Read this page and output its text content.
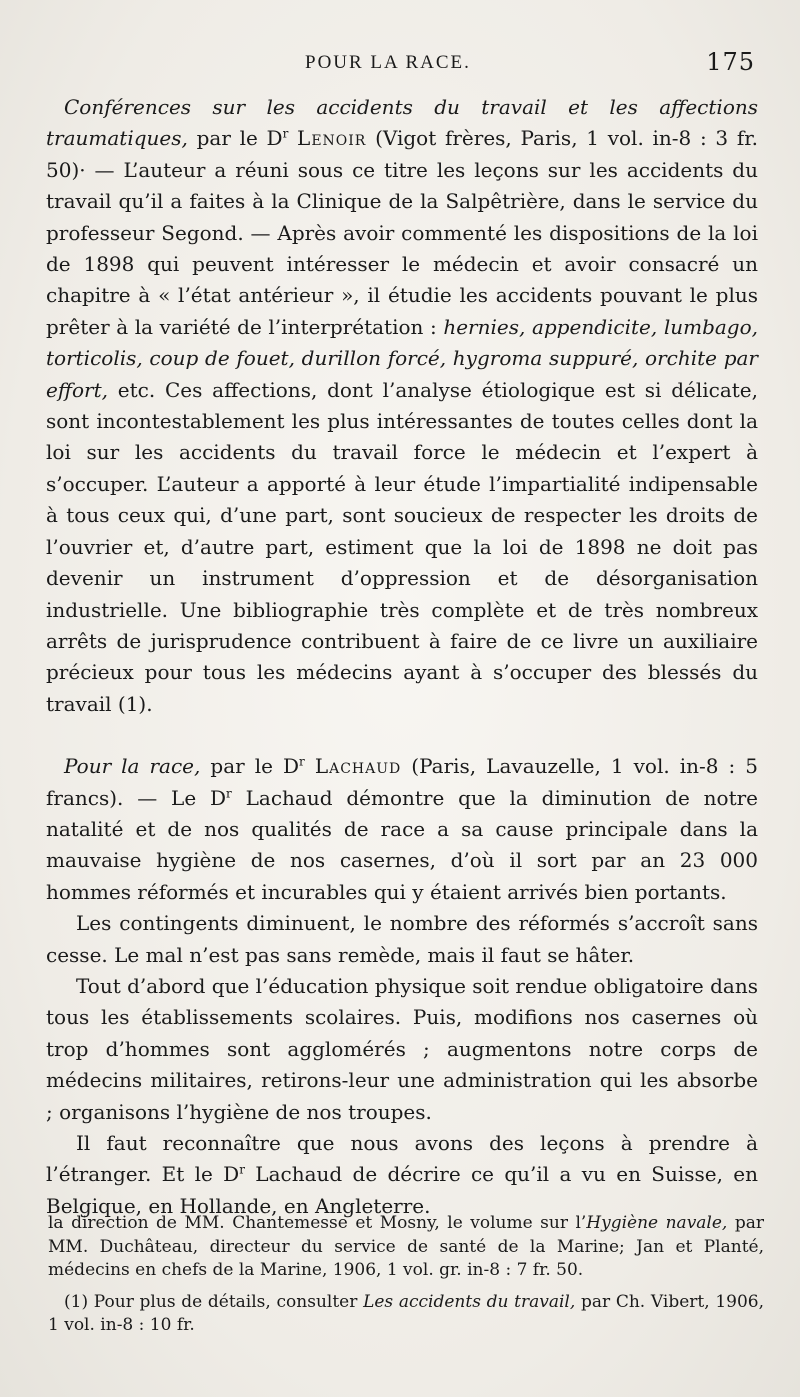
POUR LA RACE.	175

Conférences sur les accidents du travail et les affections traumatiques, par le $D^r$ Lenoir (Vigot frères, Paris, 1 vol. in-8 : 3 fr. 50)· — L’auteur a réuni sous ce titre les leçons sur les accidents du travail qu’il a faites à la Clinique de la Salpêtrière, dans le service du professeur Segond. — Après avoir commenté les dispositions de la loi de 1898 qui peuvent intéresser le médecin et avoir consacré un chapitre à « l’état antérieur », il étudie les accidents pouvant le plus prêter à la variété de l’interprétation : hernies, appendicite, lumbago, torticolis, coup de fouet, durillon forcé, hygroma suppuré, orchite par effort, etc. Ces affections, dont l’analyse étiologique est si délicate, sont incontestablement les plus intéressantes de toutes celles dont la loi sur les accidents du travail force le médecin et l’expert à s’occuper. L’auteur a apporté à leur étude l’impartialité indipensable à tous ceux qui, d’une part, sont soucieux de respecter les droits de l’ouvrier et, d’autre part, estiment que la loi de 1898 ne doit pas devenir un instrument d’oppression et de désorganisation industrielle. Une bibliographie très complète et de très nombreux arrêts de jurisprudence contribuent à faire de ce livre un auxiliaire précieux pour tous les médecins ayant à s’occuper des blessés du travail (1).

Pour la race, par le $D^r$ Lachaud (Paris, Lavauzelle, 1 vol. in-8 : 5 francs). — Le $D^r$ Lachaud démontre que la diminution de notre natalité et de nos qualités de race a sa cause principale dans la mauvaise hygiène de nos casernes, d’où il sort par an 23 000 hommes réformés et incurables qui y étaient arrivés bien portants.

Les contingents diminuent, le nombre des réformés s’accroît sans cesse. Le mal n’est pas sans remède, mais il faut se hâter.

Tout d’abord que l’éducation physique soit rendue obligatoire dans tous les établissements scolaires. Puis, modifions nos casernes où trop d’hommes sont agglomérés ; augmentons notre corps de médecins militaires, retirons-leur une administration qui les absorbe ; organisons l’hygiène de nos troupes.

Il faut reconnaître que nous avons des leçons à prendre à l’étranger. Et le $D^r$ Lachaud de décrire ce qu’il a vu en Suisse, en Belgique, en Hollande, en Angleterre.

la direction de MM. Chantemesse et Mosny, le volume sur l’Hygiène navale, par MM. Duchâteau, directeur du service de santé de la Marine; Jan et Planté, médecins en chefs de la Marine, 1906, 1 vol. gr. in-8 : 7 fr. 50.

(1) Pour plus de détails, consulter Les accidents du travail, par Ch. Vibert, 1906, 1 vol. in-8 : 10 fr.
